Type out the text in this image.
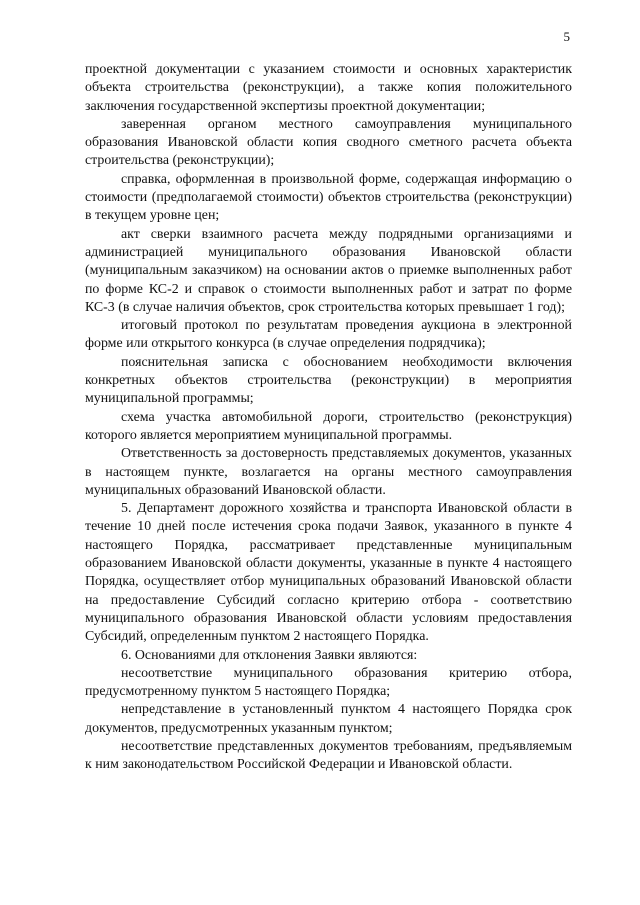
5

проектной документации с указанием стоимости и основных характеристик объекта строительства (реконструкции), а также копия положительного заключения государственной экспертизы проектной документации;

заверенная органом местного самоуправления муниципального образования Ивановской области копия сводного сметного расчета объекта строительства (реконструкции);

справка, оформленная в произвольной форме, содержащая информацию о стоимости (предполагаемой стоимости) объектов строительства (реконструкции) в текущем уровне цен;

акт сверки взаимного расчета между подрядными организациями и администрацией муниципального образования Ивановской области (муниципальным заказчиком) на основании актов о приемке выполненных работ по форме КС-2 и справок о стоимости выполненных работ и затрат по форме КС-3 (в случае наличия объектов, срок строительства которых превышает 1 год);

итоговый протокол по результатам проведения аукциона в электронной форме или открытого конкурса (в случае определения подрядчика);

пояснительная записка с обоснованием необходимости включения конкретных объектов строительства (реконструкции) в мероприятия муниципальной программы;

схема участка автомобильной дороги, строительство (реконструкция) которого является мероприятием муниципальной программы.

Ответственность за достоверность представляемых документов, указанных в настоящем пункте, возлагается на органы местного самоуправления муниципальных образований Ивановской области.

5. Департамент дорожного хозяйства и транспорта Ивановской области в течение 10 дней после истечения срока подачи Заявок, указанного в пункте 4 настоящего Порядка, рассматривает представленные муниципальным образованием Ивановской области документы, указанные в пункте 4 настоящего Порядка, осуществляет отбор муниципальных образований Ивановской области на предоставление Субсидий согласно критерию отбора - соответствию муниципального образования Ивановской области условиям предоставления Субсидий, определенным пунктом 2 настоящего Порядка.

6. Основаниями для отклонения Заявки являются:

несоответствие муниципального образования критерию отбора, предусмотренному пунктом 5 настоящего Порядка;

непредставление в установленный пунктом 4 настоящего Порядка срок документов, предусмотренных указанным пунктом;

несоответствие представленных документов требованиям, предъявляемым к ним законодательством Российской Федерации и Ивановской области.
